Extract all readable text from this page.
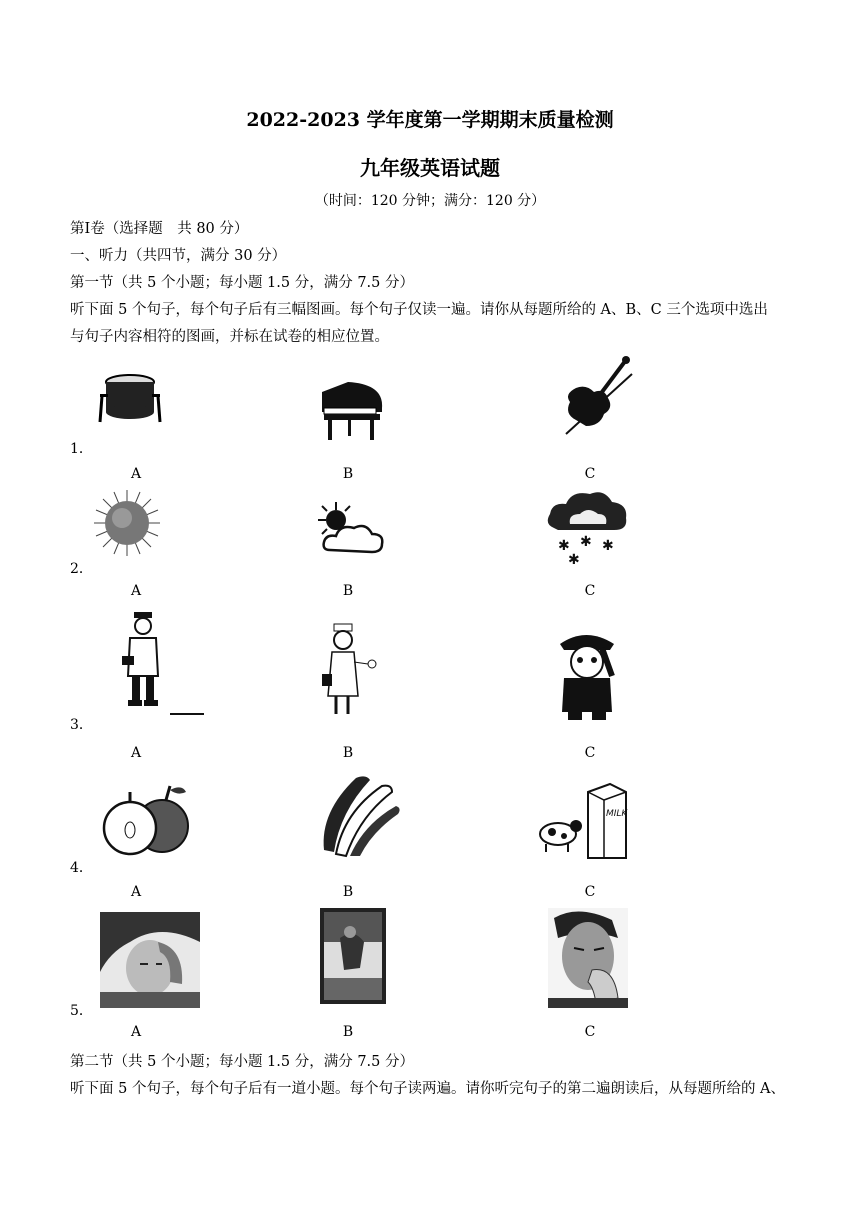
2022-2023 学年度第一学期期末质量检测
九年级英语试题
（时间：120 分钟；满分：120 分）
第Ⅰ卷（选择题　共 80 分）
一、听力（共四节，满分 30 分）
第一节（共 5 个小题；每小题 1.5 分，满分 7.5 分）
听下面 5 个句子，每个句子后有三幅图画。每个句子仅读一遍。请你从每题所给的 A、B、C 三个选项中选出
与句子内容相符的图画，并标在试卷的相应位置。
1．
A	B	C
2．
✱ ✱ ✱
✱
A	B	C
3．
A	B	C
4．
MILK
A	B	C
5．
A	B	C
第二节（共 5 个小题；每小题 1.5 分，满分 7.5 分）
听下面 5 个句子，每个句子后有一道小题。每个句子读两遍。请你听完句子的第二遍朗读后，从每题所给的 A、
